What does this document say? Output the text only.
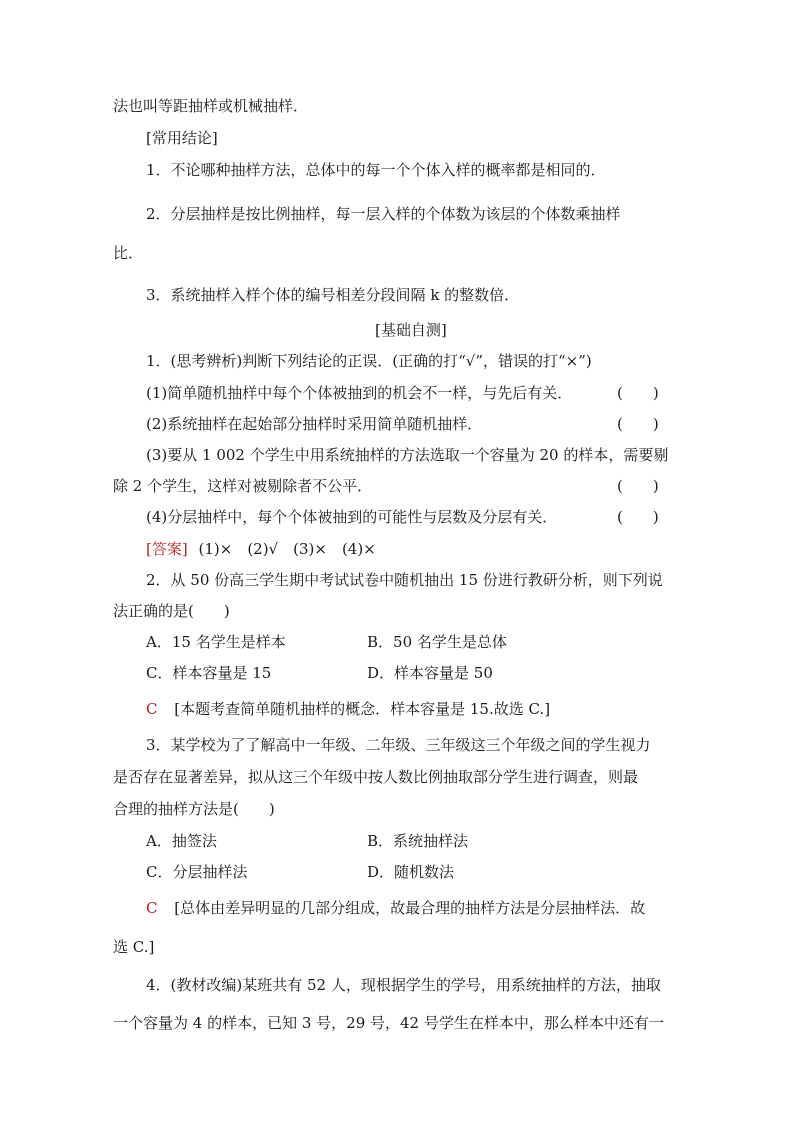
法也叫等距抽样或机械抽样．
[常用结论]
1．不论哪种抽样方法，总体中的每一个个体入样的概率都是相同的．
2．分层抽样是按比例抽样，每一层入样的个体数为该层的个体数乘抽样
比．
3．系统抽样入样个体的编号相差分段间隔 k 的整数倍．
[基础自测]
1．(思考辨析)判断下列结论的正误．(正确的打“√”，错误的打“×”)
(1)简单随机抽样中每个个体被抽到的机会不一样，与先后有关．	(　　)
(2)系统抽样在起始部分抽样时采用简单随机抽样．	(　　)
(3)要从 1 002 个学生中用系统抽样的方法选取一个容量为 20 的样本，需要剔
除 2 个学生，这样对被剔除者不公平．	(　　)
(4)分层抽样中，每个个体被抽到的可能性与层数及分层有关．	(　　)
[答案] (1)×　(2)√　(3)×　(4)×
2．从 50 份高三学生期中考试试卷中随机抽出 15 份进行教研分析，则下列说
法正确的是(　　)
A．15 名学生是样本	B．50 名学生是总体
C．样本容量是 15	D．样本容量是 50
C [本题考查简单随机抽样的概念．样本容量是 15.故选 C.]
3．某学校为了了解高中一年级、二年级、三年级这三个年级之间的学生视力
是否存在显著差异，拟从这三个年级中按人数比例抽取部分学生进行调查，则最
合理的抽样方法是(　　)
A．抽签法	B．系统抽样法
C．分层抽样法	D．随机数法
C [总体由差异明显的几部分组成，故最合理的抽样方法是分层抽样法．故
选 C.]
4．(教材改编)某班共有 52 人，现根据学生的学号，用系统抽样的方法，抽取
一个容量为 4 的样本，已知 3 号，29 号，42 号学生在样本中，那么样本中还有一
